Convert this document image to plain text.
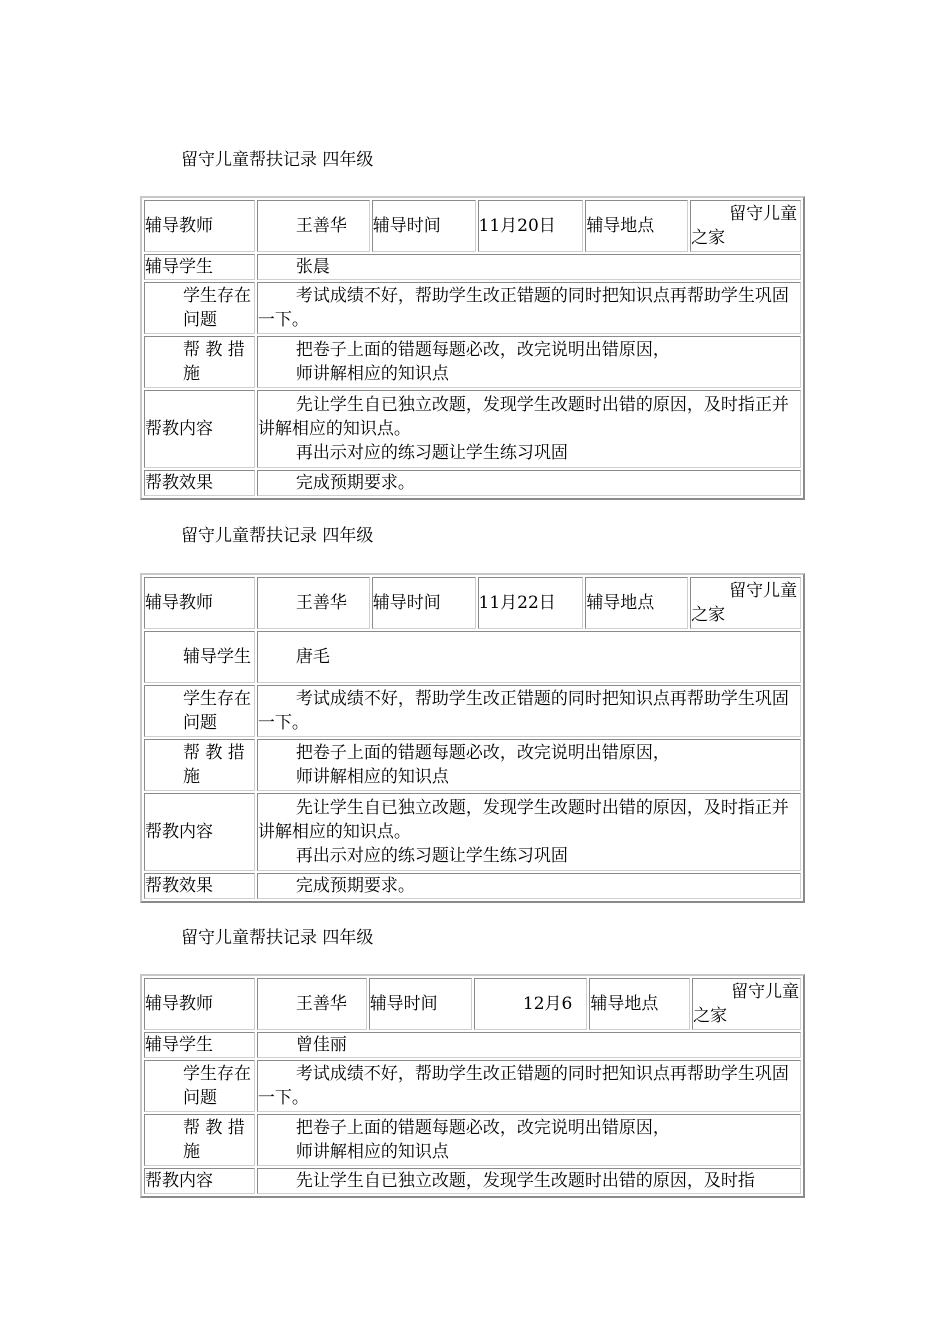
留守儿童帮扶记录 四年级
辅导教师	王善华	辅导时间	11月20日	辅导地点	留守儿童之家
辅导学生	张晨				
学生存在问题	考试成绩不好，帮助学生改正错题的同时把知识点再帮助学生巩固一下。				
帮 教 措 施	把卷子上面的错题每题必改，改完说明出错原因，
师讲解相应的知识点				

帮教内容	先让学生自已独立改题，发现学生改题时出错的原因，及时指正并讲解相应的知识点。
再出示对应的练习题让学生练习巩固				

帮教效果	完成预期要求。				
留守儿童帮扶记录 四年级
辅导教师	王善华	辅导时间	11月22日	辅导地点	留守儿童之家
辅导学生	唐毛				
学生存在问题	考试成绩不好，帮助学生改正错题的同时把知识点再帮助学生巩固一下。				
帮 教 措 施	把卷子上面的错题每题必改，改完说明出错原因，
师讲解相应的知识点				

帮教内容	先让学生自已独立改题，发现学生改题时出错的原因，及时指正并讲解相应的知识点。
再出示对应的练习题让学生练习巩固				

帮教效果	完成预期要求。				
留守儿童帮扶记录 四年级
辅导教师	王善华	辅导时间	12月6	辅导地点	留守儿童之家
辅导学生	曾佳丽				
学生存在问题	考试成绩不好，帮助学生改正错题的同时把知识点再帮助学生巩固一下。				
帮 教 措 施	把卷子上面的错题每题必改，改完说明出错原因，
师讲解相应的知识点				

帮教内容	先让学生自已独立改题，发现学生改题时出错的原因，及时指				
